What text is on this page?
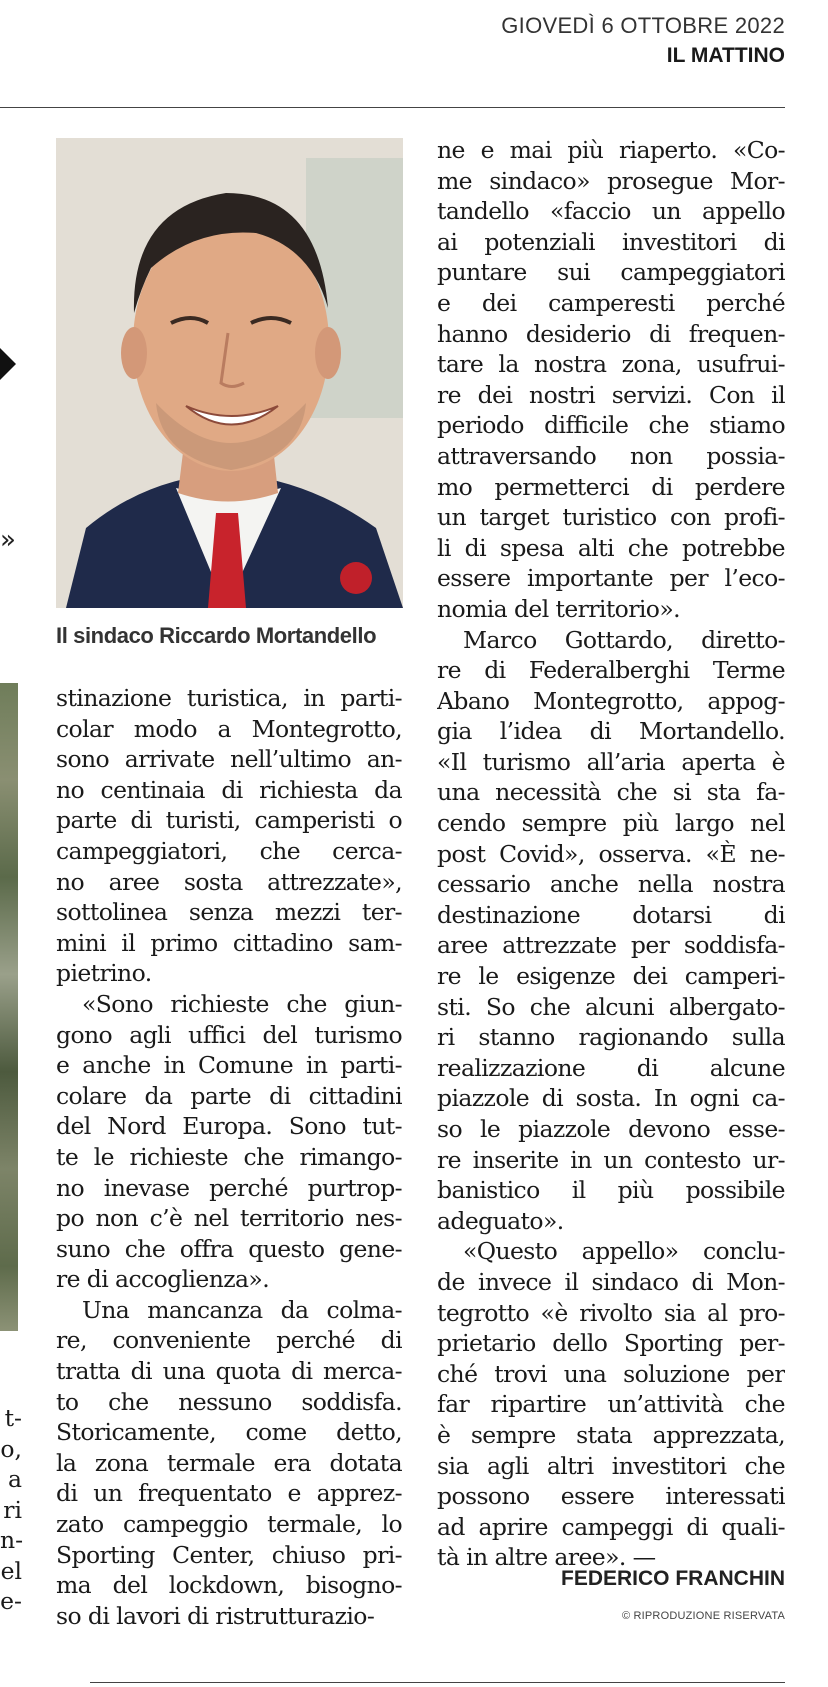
GIOVEDÌ 6 OTTOBRE 2022
IL MATTINO
»
t-
o,
a
ri
n-
el
e-
Il sindaco Riccardo Mortandello

stinazione turistica, in parti-
colar modo a Montegrotto,
sono arrivate nell’ultimo an-
no centinaia di richiesta da
parte di turisti, camperisti o
campeggiatori, che cerca-
no aree sosta attrezzate»,
sottolinea senza mezzi ter-
mini il primo cittadino sam-
pietrino.

«Sono richieste che giun-
gono agli uffici del turismo
e anche in Comune in parti-
colare da parte di cittadini
del Nord Europa. Sono tut-
te le richieste che rimango-
no inevase perché purtrop-
po non c’è nel territorio nes-
suno che offra questo gene-
re di accoglienza».

Una mancanza da colma-
re, conveniente perché di
tratta di una quota di merca-
to che nessuno soddisfa.
Storicamente, come detto,
la zona termale era dotata
di un frequentato e apprez-
zato campeggio termale, lo
Sporting Center, chiuso pri-
ma del lockdown, bisogno-
so di lavori di ristrutturazio-

ne e mai più riaperto. «Co-
me sindaco» prosegue Mor-
tandello «faccio un appello
ai potenziali investitori di
puntare sui campeggiatori
e dei camperesti perché
hanno desiderio di frequen-
tare la nostra zona, usufrui-
re dei nostri servizi. Con il
periodo difficile che stiamo
attraversando non possia-
mo permetterci di perdere
un target turistico con profi-
li di spesa alti che potrebbe
essere importante per l’eco-
nomia del territorio».

Marco Gottardo, diretto-
re di Federalberghi Terme
Abano Montegrotto, appog-
gia l’idea di Mortandello.
«Il turismo all’aria aperta è
una necessità che si sta fa-
cendo sempre più largo nel
post Covid», osserva. «È ne-
cessario anche nella nostra
destinazione dotarsi di
aree attrezzate per soddisfa-
re le esigenze dei camperi-
sti. So che alcuni albergato-
ri stanno ragionando sulla
realizzazione di alcune
piazzole di sosta. In ogni ca-
so le piazzole devono esse-
re inserite in un contesto ur-
banistico il più possibile
adeguato».

«Questo appello» conclu-
de invece il sindaco di Mon-
tegrotto «è rivolto sia al pro-
prietario dello Sporting per-
ché trovi una soluzione per
far ripartire un’attività che
è sempre stata apprezzata,
sia agli altri investitori che
possono essere interessati
ad aprire campeggi di quali-
tà in altre aree». —

FEDERICO FRANCHIN
© RIPRODUZIONE RISERVATA
